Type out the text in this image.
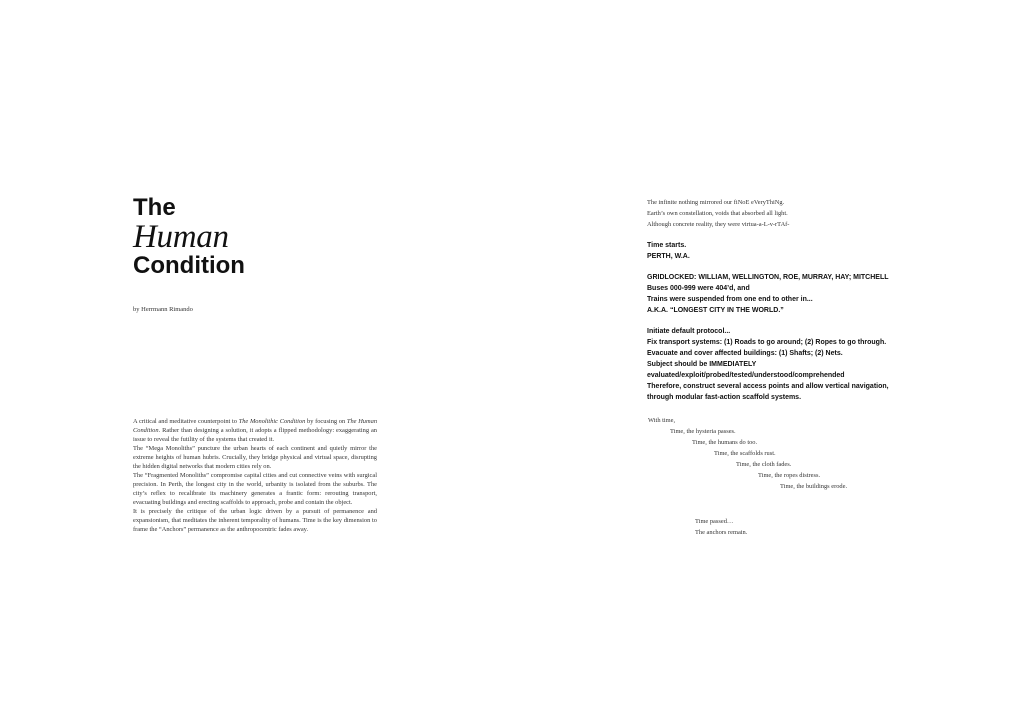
The
Human
Condition
by Herrmann Rimando

A critical and meditative counterpoint to The Monolithic Condition by focusing on The Human Condition. Rather than designing a solution, it adopts a flipped methodology: exaggerating an issue to reveal the futility of the systems that created it.

The “Mega Monoliths” puncture the urban hearts of each continent and quietly mirror the extreme heights of human hubris. Crucially, they bridge physical and virtual space, disrupting the hidden digital networks that modern cities rely on.

The “Fragmented Monoliths” compromise capital cities and cut connective veins with surgical precision. In Perth, the longest city in the world, urbanity is isolated from the suburbs. The city’s reflex to recalibrate its machinery generates a frantic form: rerouting transport, evacuating buildings and erecting scaffolds to approach, probe and contain the object.

It is precisely the critique of the urban logic driven by a pursuit of permanence and expansionism, that meditates the inherent temporality of humans. Time is the key dimension to frame the “Anchors” permanence as the anthropocentric fades away.

The infinite nothing mirrored our fiNoE eVeryThiNg.
Earth’s own constellation, voids that absorbed all light.
Although concrete reality, they were virtua-a-L-v-rTAf-
Time starts.
PERTH, W.A.
GRIDLOCKED: WILLIAM, WELLINGTON, ROE, MURRAY, HAY; MITCHELL
Buses 000-999 were 404’d, and
Trains were suspended from one end to other in...
A.K.A. “LONGEST CITY IN THE WORLD.”
Initiate default protocol...
Fix transport systems: (1) Roads to go around; (2) Ropes to go through.
Evacuate and cover affected buildings: (1) Shafts; (2) Nets.
Subject should be IMMEDIATELY
evaluated/exploit/probed/tested/understood/comprehended
Therefore, construct several access points and allow vertical navigation,
through modular fast-action scaffold systems.
With time,
Time, the hysteria passes.
Time, the humans do too.
Time, the scaffolds rust.
Time, the cloth fades.
Time, the ropes distress.
Time, the buildings erode.
Time passed…
The anchors remain.
